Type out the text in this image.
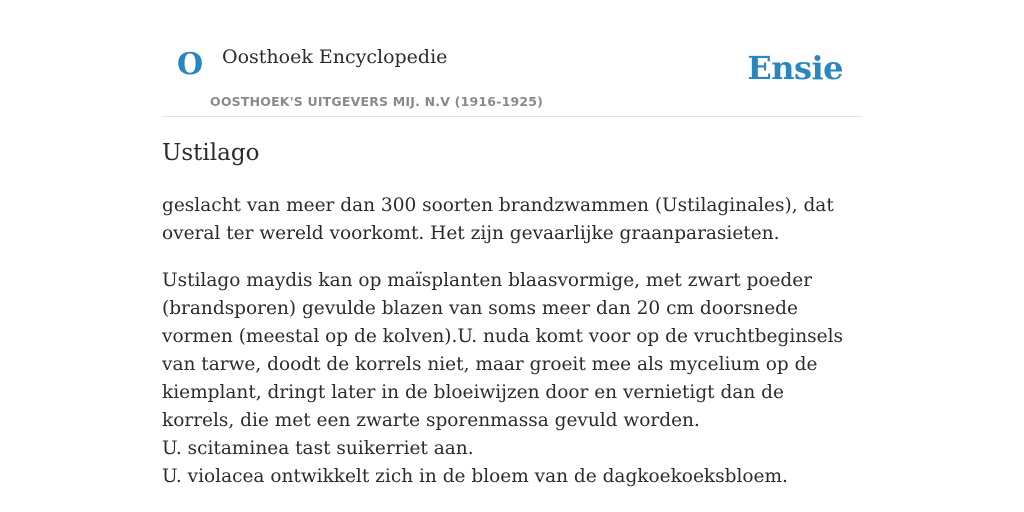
O Oosthoek Encyclopedie
OOSTHOEK'S UITGEVERS MIJ. N.V (1916-1925)
Ensie
Ustilago

geslacht van meer dan 300 soorten brandzwammen (Ustilaginales), dat overal ter wereld voorkomt. Het zijn gevaarlijke graanparasieten.

Ustilago maydis kan op maïsplanten blaasvormige, met zwart poeder (brandsporen) gevulde blazen van soms meer dan 20 cm doorsnede vormen (meestal op de kolven).U. nuda komt voor op de vruchtbeginsels van tarwe, doodt de korrels niet, maar groeit mee als mycelium op de kiemplant, dringt later in de bloeiwijzen door en vernietigt dan de korrels, die met een zwarte sporenmassa gevuld worden.
U. scitaminea tast suikerriet aan.
U. violacea ontwikkelt zich in de bloem van de dagkoekoeksbloem.
